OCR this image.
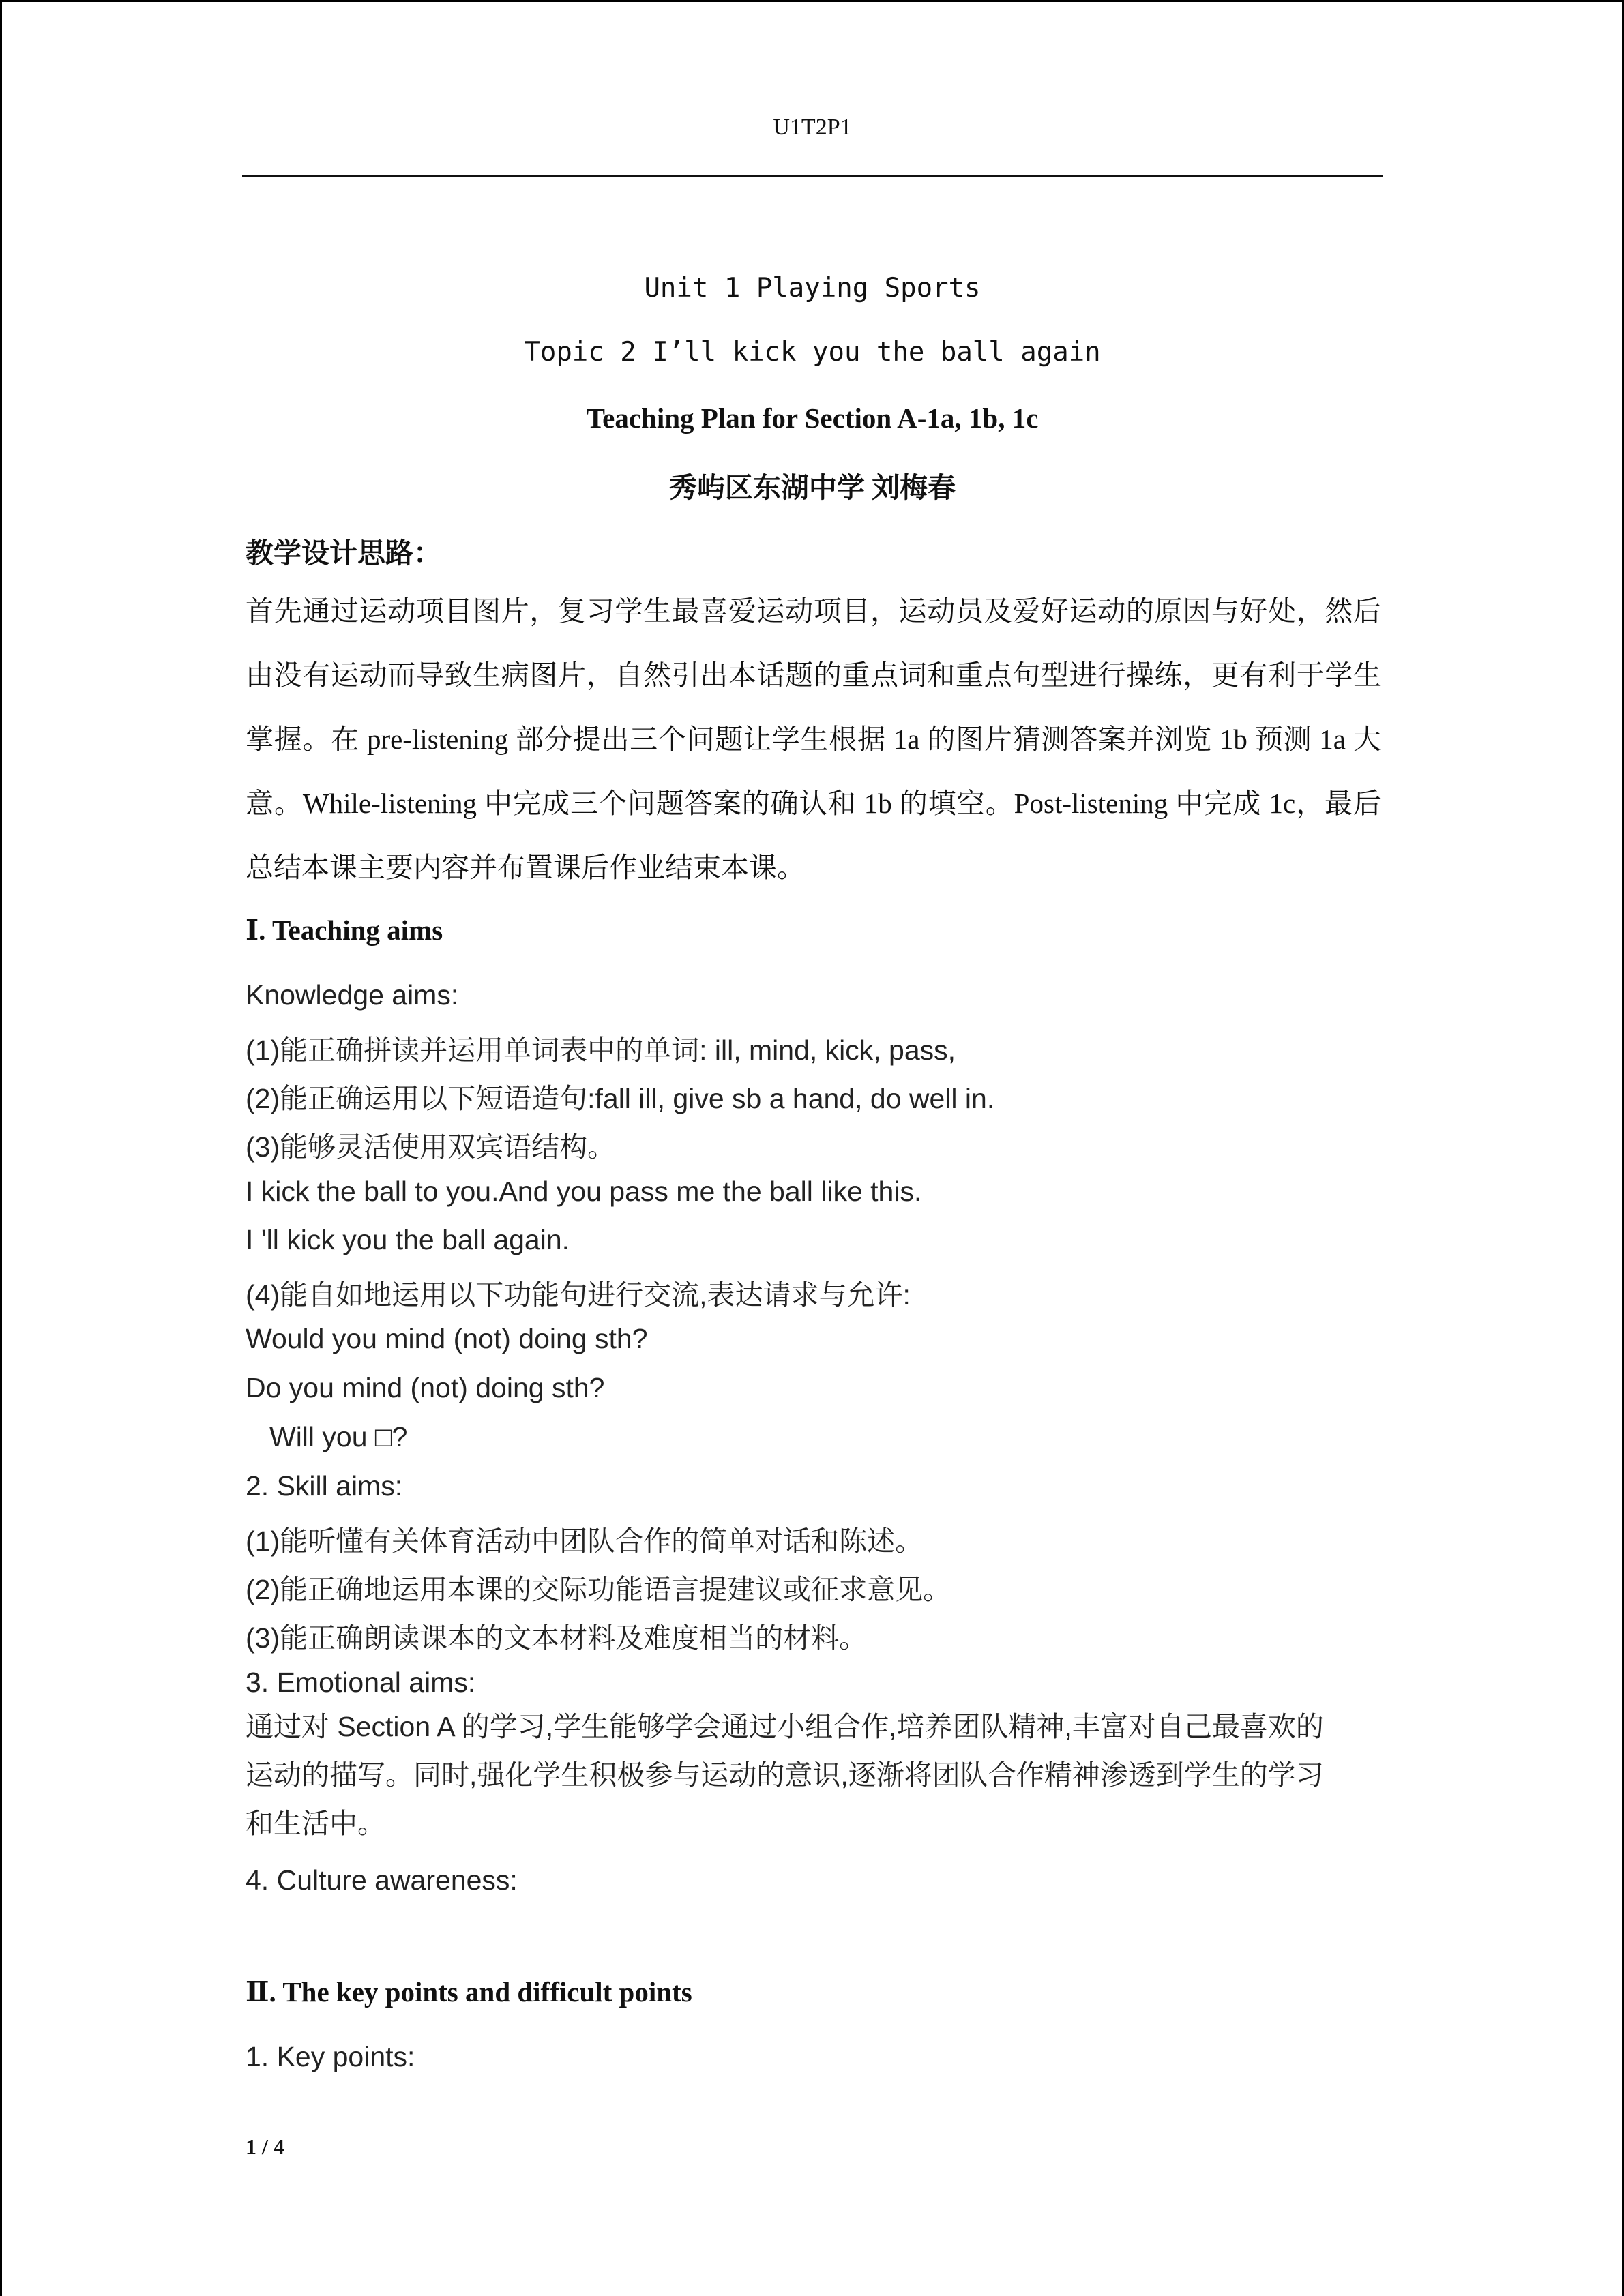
U1T2P1
Unit 1 Playing Sports
Topic 2 I’ll kick you the ball again
Teaching Plan for Section A-1a, 1b, 1c
秀屿区东湖中学 刘梅春
教学设计思路：
首先通过运动项目图片，复习学生最喜爱运动项目，运动员及爱好运动的原因与好处，然后由没有运动而导致生病图片，自然引出本话题的重点词和重点句型进行操练，更有利于学生掌握。在 pre-listening 部分提出三个问题让学生根据 1a 的图片猜测答案并浏览 1b 预测 1a 大意。While-listening 中完成三个问题答案的确认和 1b 的填空。Post-listening 中完成 1c，最后总结本课主要内容并布置课后作业结束本课。
Ⅰ. Teaching aims
Knowledge aims:
(1)能正确拼读并运用单词表中的单词: ill, mind, kick, pass,
(2)能正确运用以下短语造句:fall ill, give sb a hand, do well in.
(3)能够灵活使用双宾语结构。
I kick the ball to you.And you pass me the ball like this.
I 'll kick you the ball again.
(4)能自如地运用以下功能句进行交流,表达请求与允许:
Would you mind (not) doing sth?
Do you mind (not) doing sth?
Will you □?
2. Skill aims:
(1)能听懂有关体育活动中团队合作的简单对话和陈述。
(2)能正确地运用本课的交际功能语言提建议或征求意见。
(3)能正确朗读课本的文本材料及难度相当的材料。
3. Emotional aims:
通过对 Section A 的学习,学生能够学会通过小组合作,培养团队精神,丰富对自己最喜欢的运动的描写。同时,强化学生积极参与运动的意识,逐渐将团队合作精神渗透到学生的学习和生活中。
4. Culture awareness:
Ⅱ. The key points and difficult points
1. Key points:
1 / 4
